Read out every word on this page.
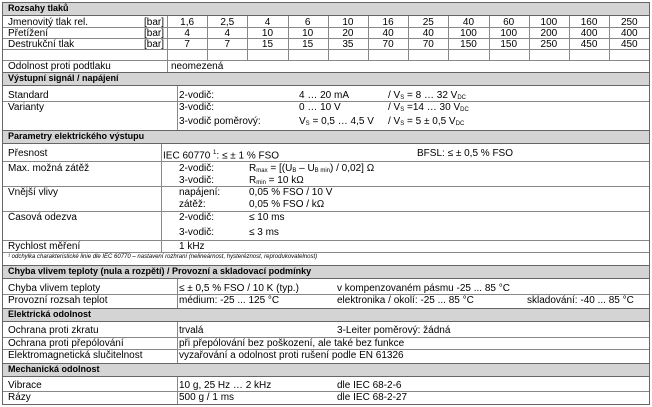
Rozsahy tlaků
Odolnost proti podtlaku	neomezená
Výstupní signál / napájení
Standard	2-vodič:	4 … 20 mA	/ $V_S = 8$ … 32 $V_{DC}$
Varianty	3-vodič:	0 … 10 V	/ $V_S =14$ … 30 $V_{DC}$
3-vodič poměrový:	$V_S = 0,5$ … 4,5 $V / V_S = 5 \pm 0,5$ $V_{DC}$
Parametry elektrického výstupu
Přesnost	IEC 60770 $^1$: ≤ ± 1 % FSO	BFSL: ≤ ± 0,5 % FSO
Max. možná zátěž	2-vodič:	$R_{max} = [(U_B - U_{B min}) / 0,02]$ Ω
3-vodič:	$R_{min} = 10$ kΩ
Vnější vlivy	napájení:	0,05 % FSO / 10 V
zátěž:	0,05 % FSO / kΩ
Časová odezva	2-vodič:	≤ 10 ms
3-vodič:	≤ 3 ms
Rychlost měření	1 kHz
¹ odchylka charakteristické linie dle IEC 60770 – nastavení rozhraní (nelineárnost, hysteréznost, reprodukovatelnost)
Chyba vlivem teploty (nula a rozpětí) / Provozní a skladovací podmínky
Chyba vlivem teploty	≤ ± 0,5 % FSO / 10 K (typ.)	v kompenzovaném pásmu -25 ... 85 °C
Provozní rozsah teplot	médium: -25 ... 125 °C	elektronika / okolí: -25 ... 85 °C	skladování: -40 ... 85 °C
Elektrická odolnost
Ochrana proti zkratu	trvalá	3-Leiter poměrový: žádná
Ochrana proti přepólování	při přepólování bez poškození, ale také bez funkce
Elektromagnetická slučitelnost	vyzařování a odolnost proti rušení podle EN 61326
Mechanická odolnost
Vibrace	10 g, 25 Hz … 2 kHz	dle IEC 68-2-6
Rázy	500 g / 1 ms	dle IEC 68-2-27
Jmenovitý tlak rel.	[bar]	1,6	2,5	4	6	10	16	25	40	60	100	160	250
Přetížení	[bar]	4	4	10	10	20	40	40	100	100	200	400	400
Destrukční tlak	[bar]	7	7	15	15	35	70	70	150	150	250	450	450
